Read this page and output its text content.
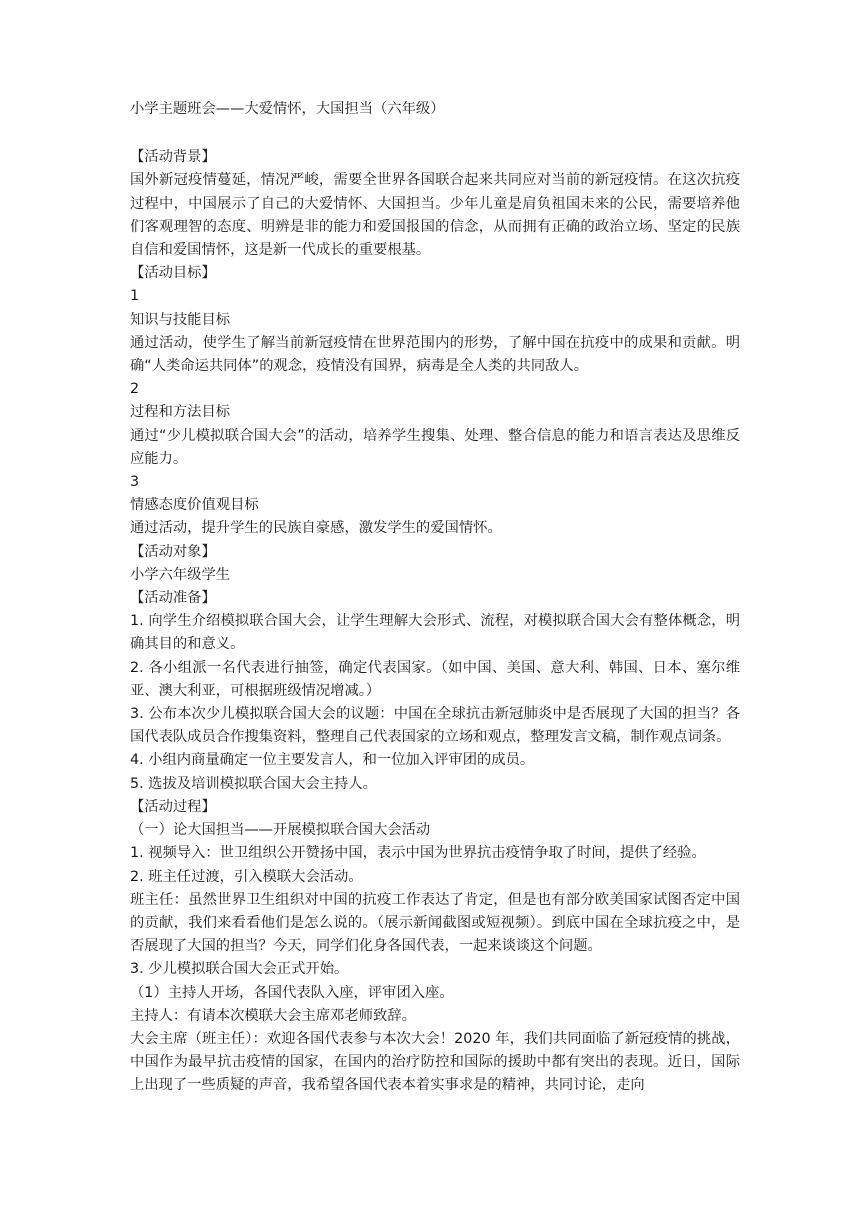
小学主题班会——大爱情怀，大国担当（六年级）

【活动背景】

国外新冠疫情蔓延，情况严峻，需要全世界各国联合起来共同应对当前的新冠疫情。在这次抗疫过程中，中国展示了自己的大爱情怀、大国担当。少年儿童是肩负祖国未来的公民，需要培养他们客观理智的态度、明辨是非的能力和爱国报国的信念，从而拥有正确的政治立场、坚定的民族自信和爱国情怀，这是新一代成长的重要根基。

【活动目标】

1

知识与技能目标

通过活动，使学生了解当前新冠疫情在世界范围内的形势，了解中国在抗疫中的成果和贡献。明确“人类命运共同体”的观念，疫情没有国界，病毒是全人类的共同敌人。

2

过程和方法目标

通过“少儿模拟联合国大会”的活动，培养学生搜集、处理、整合信息的能力和语言表达及思维反应能力。

3

情感态度价值观目标

通过活动，提升学生的民族自豪感，激发学生的爱国情怀。

【活动对象】

小学六年级学生

【活动准备】

1. 向学生介绍模拟联合国大会，让学生理解大会形式、流程，对模拟联合国大会有整体概念，明确其目的和意义。

2. 各小组派一名代表进行抽签，确定代表国家。（如中国、美国、意大利、韩国、日本、塞尔维亚、澳大利亚，可根据班级情况增减。）

3. 公布本次少儿模拟联合国大会的议题：中国在全球抗击新冠肺炎中是否展现了大国的担当？各国代表队成员合作搜集资料，整理自己代表国家的立场和观点，整理发言文稿，制作观点词条。

4. 小组内商量确定一位主要发言人，和一位加入评审团的成员。

5. 选拔及培训模拟联合国大会主持人。

【活动过程】

（一）论大国担当——开展模拟联合国大会活动

1. 视频导入：世卫组织公开赞扬中国，表示中国为世界抗击疫情争取了时间，提供了经验。

2. 班主任过渡，引入模联大会活动。

班主任：虽然世界卫生组织对中国的抗疫工作表达了肯定，但是也有部分欧美国家试图否定中国的贡献，我们来看看他们是怎么说的。（展示新闻截图或短视频）。到底中国在全球抗疫之中，是否展现了大国的担当？今天，同学们化身各国代表，一起来谈谈这个问题。

3. 少儿模拟联合国大会正式开始。

（1）主持人开场，各国代表队入座，评审团入座。

主持人：有请本次模联大会主席邓老师致辞。

大会主席（班主任）：欢迎各国代表参与本次大会！2020 年，我们共同面临了新冠疫情的挑战，中国作为最早抗击疫情的国家，在国内的治疗防控和国际的援助中都有突出的表现。近日，国际上出现了一些质疑的声音，我希望各国代表本着实事求是的精神，共同讨论，走向
